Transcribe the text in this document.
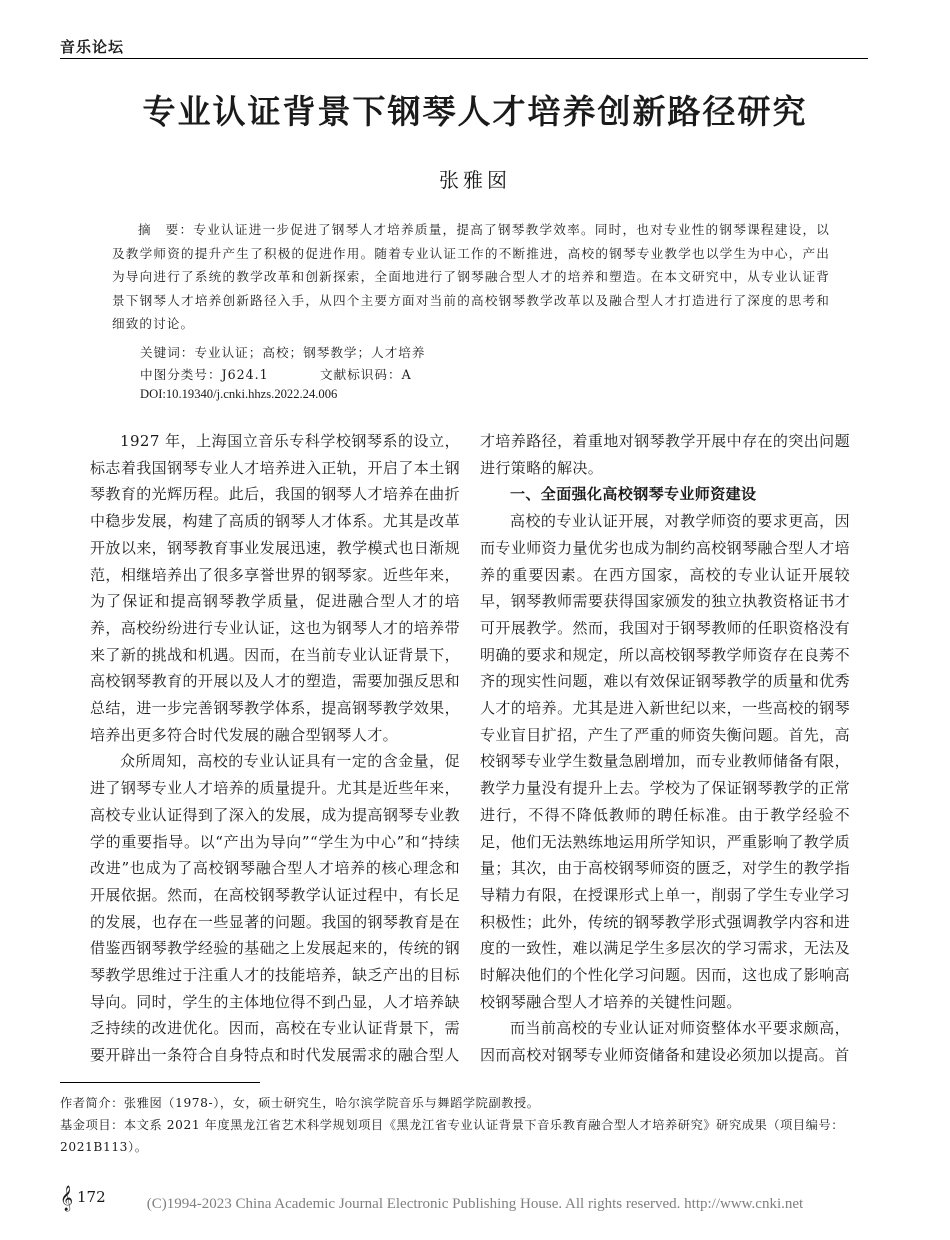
音乐论坛
专业认证背景下钢琴人才培养创新路径研究
张雅囡
摘　要：专业认证进一步促进了钢琴人才培养质量，提高了钢琴教学效率。同时，也对专业性的钢琴课程建设，以及教学师资的提升产生了积极的促进作用。随着专业认证工作的不断推进，高校的钢琴专业教学也以学生为中心，产出为导向进行了系统的教学改革和创新探索，全面地进行了钢琴融合型人才的培养和塑造。在本文研究中，从专业认证背景下钢琴人才培养创新路径入手，从四个主要方面对当前的高校钢琴教学改革以及融合型人才打造进行了深度的思考和细致的讨论。
关键词：专业认证；高校；钢琴教学；人才培养
中图分类号：J624.1	文献标识码：A
DOI:10.19340/j.cnki.hhzs.2022.24.006

1927 年，上海国立音乐专科学校钢琴系的设立，标志着我国钢琴专业人才培养进入正轨，开启了本土钢琴教育的光辉历程。此后，我国的钢琴人才培养在曲折中稳步发展，构建了高质的钢琴人才体系。尤其是改革开放以来，钢琴教育事业发展迅速，教学模式也日渐规范，相继培养出了很多享誉世界的钢琴家。近些年来，为了保证和提高钢琴教学质量，促进融合型人才的培养，高校纷纷进行专业认证，这也为钢琴人才的培养带来了新的挑战和机遇。因而，在当前专业认证背景下，高校钢琴教育的开展以及人才的塑造，需要加强反思和总结，进一步完善钢琴教学体系，提高钢琴教学效果，培养出更多符合时代发展的融合型钢琴人才。

众所周知，高校的专业认证具有一定的含金量，促进了钢琴专业人才培养的质量提升。尤其是近些年来，高校专业认证得到了深入的发展，成为提高钢琴专业教学的重要指导。以“产出为导向”“学生为中心”和“持续改进”也成为了高校钢琴融合型人才培养的核心理念和开展依据。然而，在高校钢琴教学认证过程中，有长足的发展，也存在一些显著的问题。我国的钢琴教育是在借鉴西钢琴教学经验的基础之上发展起来的，传统的钢琴教学思维过于注重人才的技能培养，缺乏产出的目标导向。同时，学生的主体地位得不到凸显，人才培养缺乏持续的改进优化。因而，高校在专业认证背景下，需要开辟出一条符合自身特点和时代发展需求的融合型人

才培养路径，着重地对钢琴教学开展中存在的突出问题进行策略的解决。

一、全面强化高校钢琴专业师资建设

高校的专业认证开展，对教学师资的要求更高，因而专业师资力量优劣也成为制约高校钢琴融合型人才培养的重要因素。在西方国家，高校的专业认证开展较早，钢琴教师需要获得国家颁发的独立执教资格证书才可开展教学。然而，我国对于钢琴教师的任职资格没有明确的要求和规定，所以高校钢琴教学师资存在良莠不齐的现实性问题，难以有效保证钢琴教学的质量和优秀人才的培养。尤其是进入新世纪以来，一些高校的钢琴专业盲目扩招，产生了严重的师资失衡问题。首先，高校钢琴专业学生数量急剧增加，而专业教师储备有限，教学力量没有提升上去。学校为了保证钢琴教学的正常进行，不得不降低教师的聘任标准。由于教学经验不足，他们无法熟练地运用所学知识，严重影响了教学质量；其次，由于高校钢琴师资的匮乏，对学生的教学指导精力有限，在授课形式上单一，削弱了学生专业学习积极性；此外，传统的钢琴教学形式强调教学内容和进度的一致性，难以满足学生多层次的学习需求，无法及时解决他们的个性化学习问题。因而，这也成了影响高校钢琴融合型人才培养的关键性问题。

而当前高校的专业认证对师资整体水平要求颇高，因而高校对钢琴专业师资储备和建设必须加以提高。首

作者简介：张雅囡（1978-），女，硕士研究生，哈尔滨学院音乐与舞蹈学院副教授。
基金项目：本文系 2021 年度黑龙江省艺术科学规划项目《黑龙江省专业认证背景下音乐教育融合型人才培养研究》研究成果（项目编号：2021B113）。
𝄞 172	(C)1994-2023 China Academic Journal Electronic Publishing House. All rights reserved. http://www.cnki.net
